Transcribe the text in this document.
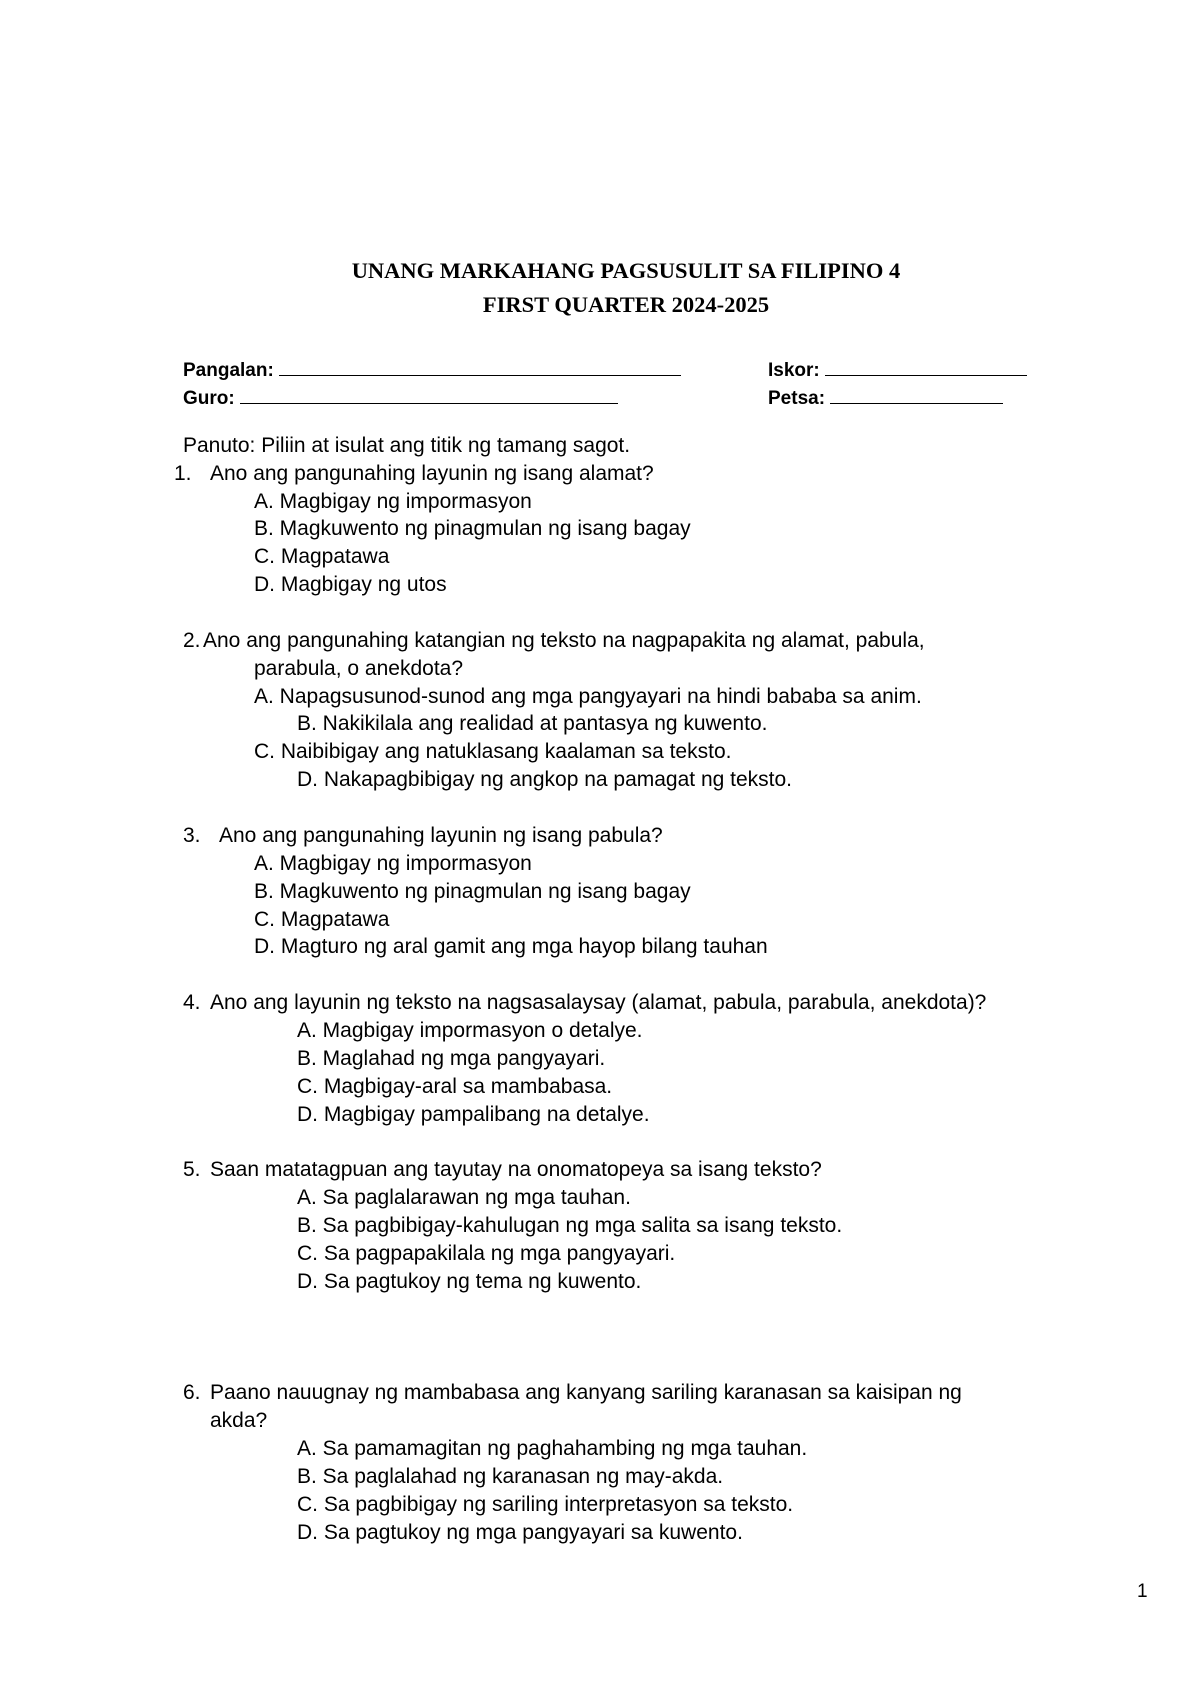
UNANG MARKAHANG PAGSUSULIT SA FILIPINO 4
FIRST QUARTER 2024-2025
Pangalan:	Iskor:
Guro:	Petsa:
Panuto: Piliin at isulat ang titik ng tamang sagot.
1. Ano ang pangunahing layunin ng isang alamat?
A. Magbigay ng impormasyon
B. Magkuwento ng pinagmulan ng isang bagay
C. Magpatawa
D. Magbigay ng utos
2. Ano ang pangunahing katangian ng teksto na nagpapakita ng alamat, pabula,
parabula, o anekdota?
A. Napagsusunod-sunod ang mga pangyayari na hindi bababa sa anim.
B. Nakikilala ang realidad at pantasya ng kuwento.
C. Naibibigay ang natuklasang kaalaman sa teksto.
D. Nakapagbibigay ng angkop na pamagat ng teksto.
3. Ano ang pangunahing layunin ng isang pabula?
A. Magbigay ng impormasyon
B. Magkuwento ng pinagmulan ng isang bagay
C. Magpatawa
D. Magturo ng aral gamit ang mga hayop bilang tauhan
4. Ano ang layunin ng teksto na nagsasalaysay (alamat, pabula, parabula, anekdota)?
A. Magbigay impormasyon o detalye.
B. Maglahad ng mga pangyayari.
C. Magbigay-aral sa mambabasa.
D. Magbigay pampalibang na detalye.
5. Saan matatagpuan ang tayutay na onomatopeya sa isang teksto?
A. Sa paglalarawan ng mga tauhan.
B. Sa pagbibigay-kahulugan ng mga salita sa isang teksto.
C. Sa pagpapakilala ng mga pangyayari.
D. Sa pagtukoy ng tema ng kuwento.
6. Paano nauugnay ng mambabasa ang kanyang sariling karanasan sa kaisipan ng
akda?
A. Sa pamamagitan ng paghahambing ng mga tauhan.
B. Sa paglalahad ng karanasan ng may-akda.
C. Sa pagbibigay ng sariling interpretasyon sa teksto.
D. Sa pagtukoy ng mga pangyayari sa kuwento.
1
